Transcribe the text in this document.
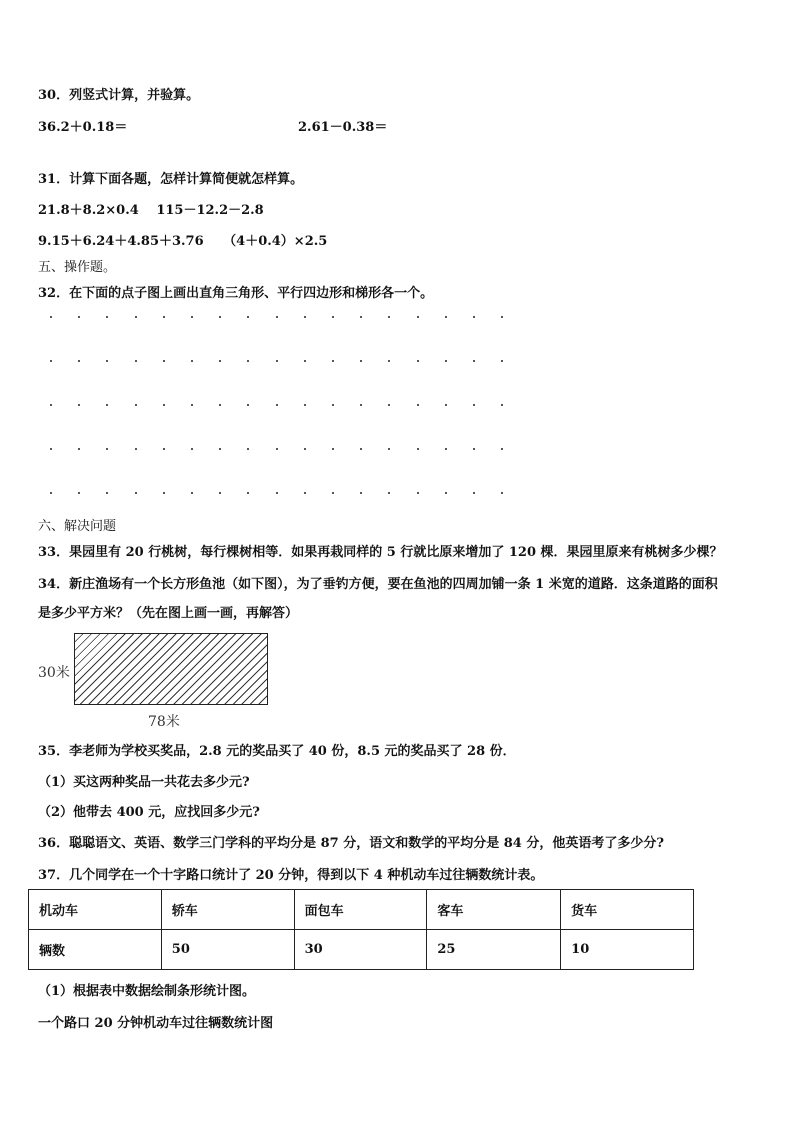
30．列竖式计算，并验算。
36.2＋0.18＝	2.61－0.38＝
31．计算下面各题，怎样计算简便就怎样算。
21.8＋8.2×0.4　 115－12.2－2.8
9.15＋6.24＋4.85＋3.76　　（4＋0.4）×2.5
五、操作题。
32．在下面的点子图上画出直角三角形、平行四边形和梯形各一个。
六、解决问题
33．果园里有 20 行桃树，每行棵树相等．如果再栽同样的 5 行就比原来增加了 120 棵．果园里原来有桃树多少棵？
34．新庄渔场有一个长方形鱼池（如下图），为了垂钓方便，要在鱼池的四周加铺一条 1 米宽的道路．这条道路的面积
是多少平方米？（先在图上画一画，再解答）
30米
78米
35．李老师为学校买奖品，2.8 元的奖品买了 40 份，8.5 元的奖品买了 28 份．
（1）买这两种奖品一共花去多少元?
（2）他带去 400 元，应找回多少元?
36．聪聪语文、英语、数学三门学科的平均分是 87 分，语文和数学的平均分是 84 分，他英语考了多少分?
37．几个同学在一个十字路口统计了 20 分钟，得到以下 4 种机动车过往辆数统计表。
机动车	轿车	面包车	客车	货车
辆数	50	30	25	10
（1）根据表中数据绘制条形统计图。
一个路口 20 分钟机动车过往辆数统计图
